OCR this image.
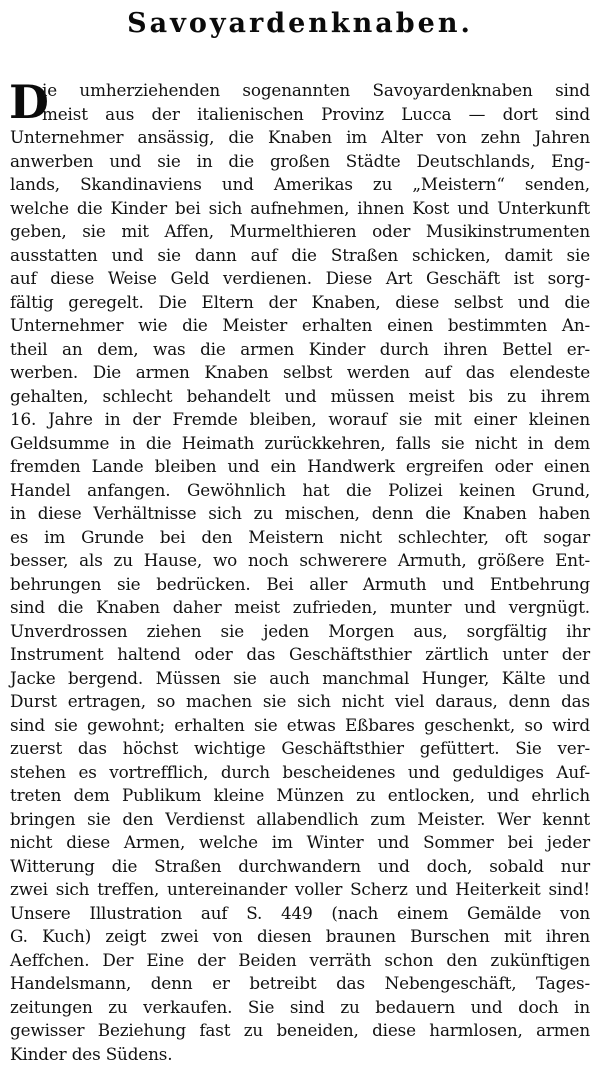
Savoyardenknaben.
D
ie umherziehenden sogenannten Savoyardenknaben sind
meist aus der italienischen Provinz Lucca — dort sind
Unternehmer ansässig, die Knaben im Alter von zehn Jahren
anwerben und sie in die großen Städte Deutschlands, Eng-
lands, Skandinaviens und Amerikas zu „Meistern“ senden,
welche die Kinder bei sich aufnehmen, ihnen Kost und Unterkunft
geben, sie mit Affen, Murmelthieren oder Musikinstrumenten
ausstatten und sie dann auf die Straßen schicken, damit sie
auf diese Weise Geld verdienen. Diese Art Geschäft ist sorg-
fältig geregelt. Die Eltern der Knaben, diese selbst und die
Unternehmer wie die Meister erhalten einen bestimmten An-
theil an dem, was die armen Kinder durch ihren Bettel er-
werben. Die armen Knaben selbst werden auf das elendeste
gehalten, schlecht behandelt und müssen meist bis zu ihrem
16. Jahre in der Fremde bleiben, worauf sie mit einer kleinen
Geldsumme in die Heimath zurückkehren, falls sie nicht in dem
fremden Lande bleiben und ein Handwerk ergreifen oder einen
Handel anfangen. Gewöhnlich hat die Polizei keinen Grund,
in diese Verhältnisse sich zu mischen, denn die Knaben haben
es im Grunde bei den Meistern nicht schlechter, oft sogar
besser, als zu Hause, wo noch schwerere Armuth, größere Ent-
behrungen sie bedrücken. Bei aller Armuth und Entbehrung
sind die Knaben daher meist zufrieden, munter und vergnügt.
Unverdrossen ziehen sie jeden Morgen aus, sorgfältig ihr
Instrument haltend oder das Geschäftsthier zärtlich unter der
Jacke bergend. Müssen sie auch manchmal Hunger, Kälte und
Durst ertragen, so machen sie sich nicht viel daraus, denn das
sind sie gewohnt; erhalten sie etwas Eßbares geschenkt, so wird
zuerst das höchst wichtige Geschäftsthier gefüttert. Sie ver-
stehen es vortrefflich, durch bescheidenes und geduldiges Auf-
treten dem Publikum kleine Münzen zu entlocken, und ehrlich
bringen sie den Verdienst allabendlich zum Meister. Wer kennt
nicht diese Armen, welche im Winter und Sommer bei jeder
Witterung die Straßen durchwandern und doch, sobald nur
zwei sich treffen, untereinander voller Scherz und Heiterkeit sind!
Unsere Illustration auf S. 449 (nach einem Gemälde von
G. Kuch) zeigt zwei von diesen braunen Burschen mit ihren
Aeffchen. Der Eine der Beiden verräth schon den zukünftigen
Handelsmann, denn er betreibt das Nebengeschäft, Tages-
zeitungen zu verkaufen. Sie sind zu bedauern und doch in
gewisser Beziehung fast zu beneiden, diese harmlosen, armen
Kinder des Südens.
